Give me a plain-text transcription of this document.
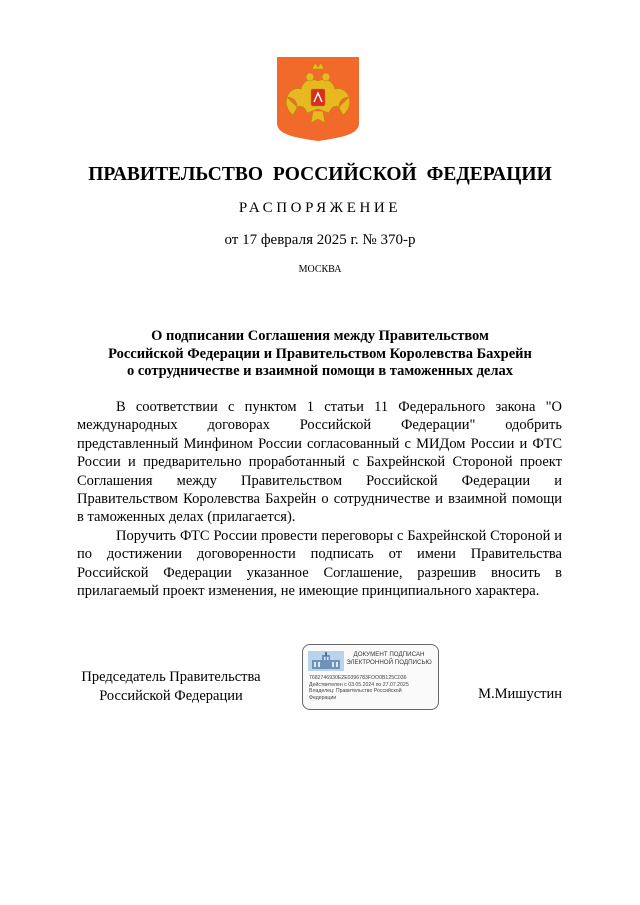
ПРАВИТЕЛЬСТВО РОССИЙСКОЙ ФЕДЕРАЦИИ
РАСПОРЯЖЕНИЕ
от 17 февраля 2025 г. № 370-р
МОСКВА
О подписании Соглашения между Правительством
Российской Федерации и Правительством Королевства Бахрейн
о сотрудничестве и взаимной помощи в таможенных делах

В соответствии с пунктом 1 статьи 11 Федерального закона "О международных договорах Российской Федерации" одобрить представленный Минфином России согласованный с МИДом России и ФТС России и предварительно проработанный с Бахрейнской Стороной проект Соглашения между Правительством Российской Федерации и Правительством Королевства Бахрейн о сотрудничестве и взаимной помощи в таможенных делах (прилагается).

Поручить ФТС России провести переговоры с Бахрейнской Стороной и по достижении договоренности подписать от имени Правительства Российской Федерации указанное Соглашение, разрешив вносить в прилагаемый проект изменения, не имеющие принципиального характера.

Председатель Правительства
Российской Федерации
ДОКУМЕНТ ПОДПИСАН
ЭЛЕКТРОННОЙ ПОДПИСЬЮ
7682746930E2E0396783FOO0B125C036
Действителен с 03.05.2024 по 27.07.2025
Владелец: Правительство Российской
Федерации	М.Мишустин
